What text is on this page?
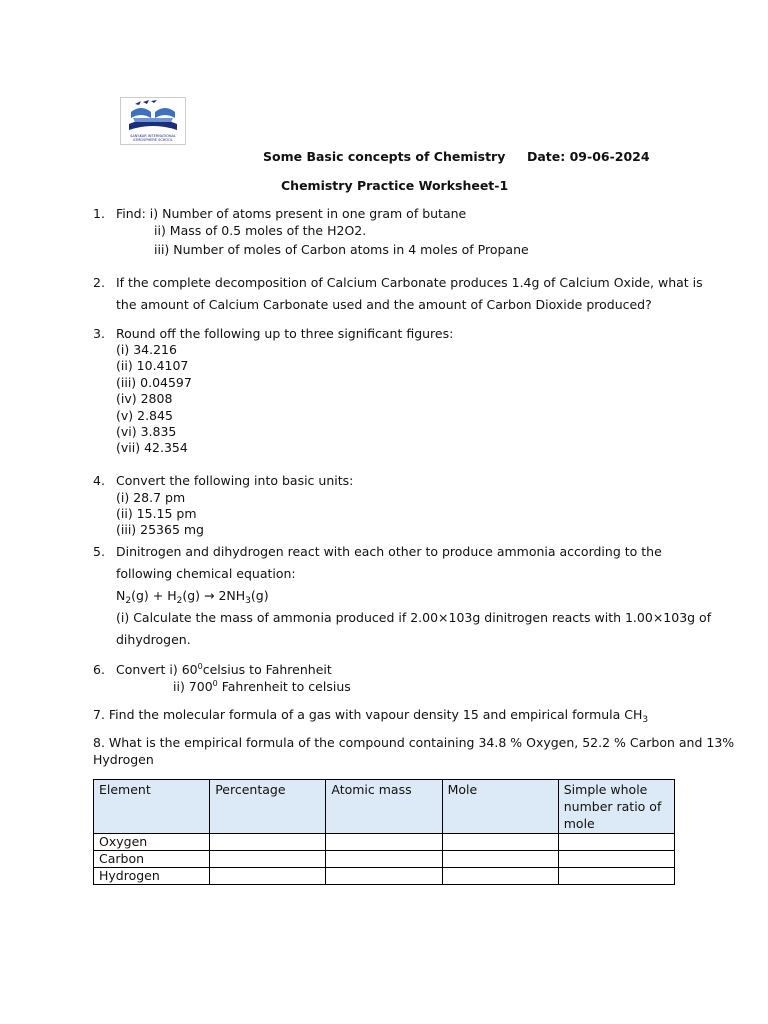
SANSKAR INTERNATIONAL ATMOSPHERE SCHOOL
Some Basic concepts of Chemistry Date: 09-06-2024
Chemistry Practice Worksheet-1
1. Find: i) Number of atoms present in one gram of butane
ii) Mass of 0.5 moles of the H2O2.
iii) Number of moles of Carbon atoms in 4 moles of Propane
2. If the complete decomposition of Calcium Carbonate produces 1.4g of Calcium Oxide, what is
the amount of Calcium Carbonate used and the amount of Carbon Dioxide produced?
3. Round off the following up to three significant figures:
(i) 34.216
(ii) 10.4107
(iii) 0.04597
(iv) 2808
(v) 2.845
(vi) 3.835
(vii) 42.354
4. Convert the following into basic units:
(i) 28.7 pm
(ii) 15.15 pm
(iii) 25365 mg
5. Dinitrogen and dihydrogen react with each other to produce ammonia according to the
following chemical equation:
$N_2(g) + H_2(g) \to 2NH_3(g)$
(i) Calculate the mass of ammonia produced if 2.00×103g dinitrogen reacts with 1.00×103g of
dihydrogen.
6. Convert i) $60^0celsius$ to Fahrenheit
ii) $700^0$ Fahrenheit to celsius
7. Find the molecular formula of a gas with vapour density 15 and empirical formula $CH_3$
8. What is the empirical formula of the compound containing 34.8 % Oxygen, 52.2 % Carbon and 13%
Hydrogen
Element	Percentage	Atomic mass	Mole	Simple whole number ratio of mole
Oxygen				
Carbon				
Hydrogen				
